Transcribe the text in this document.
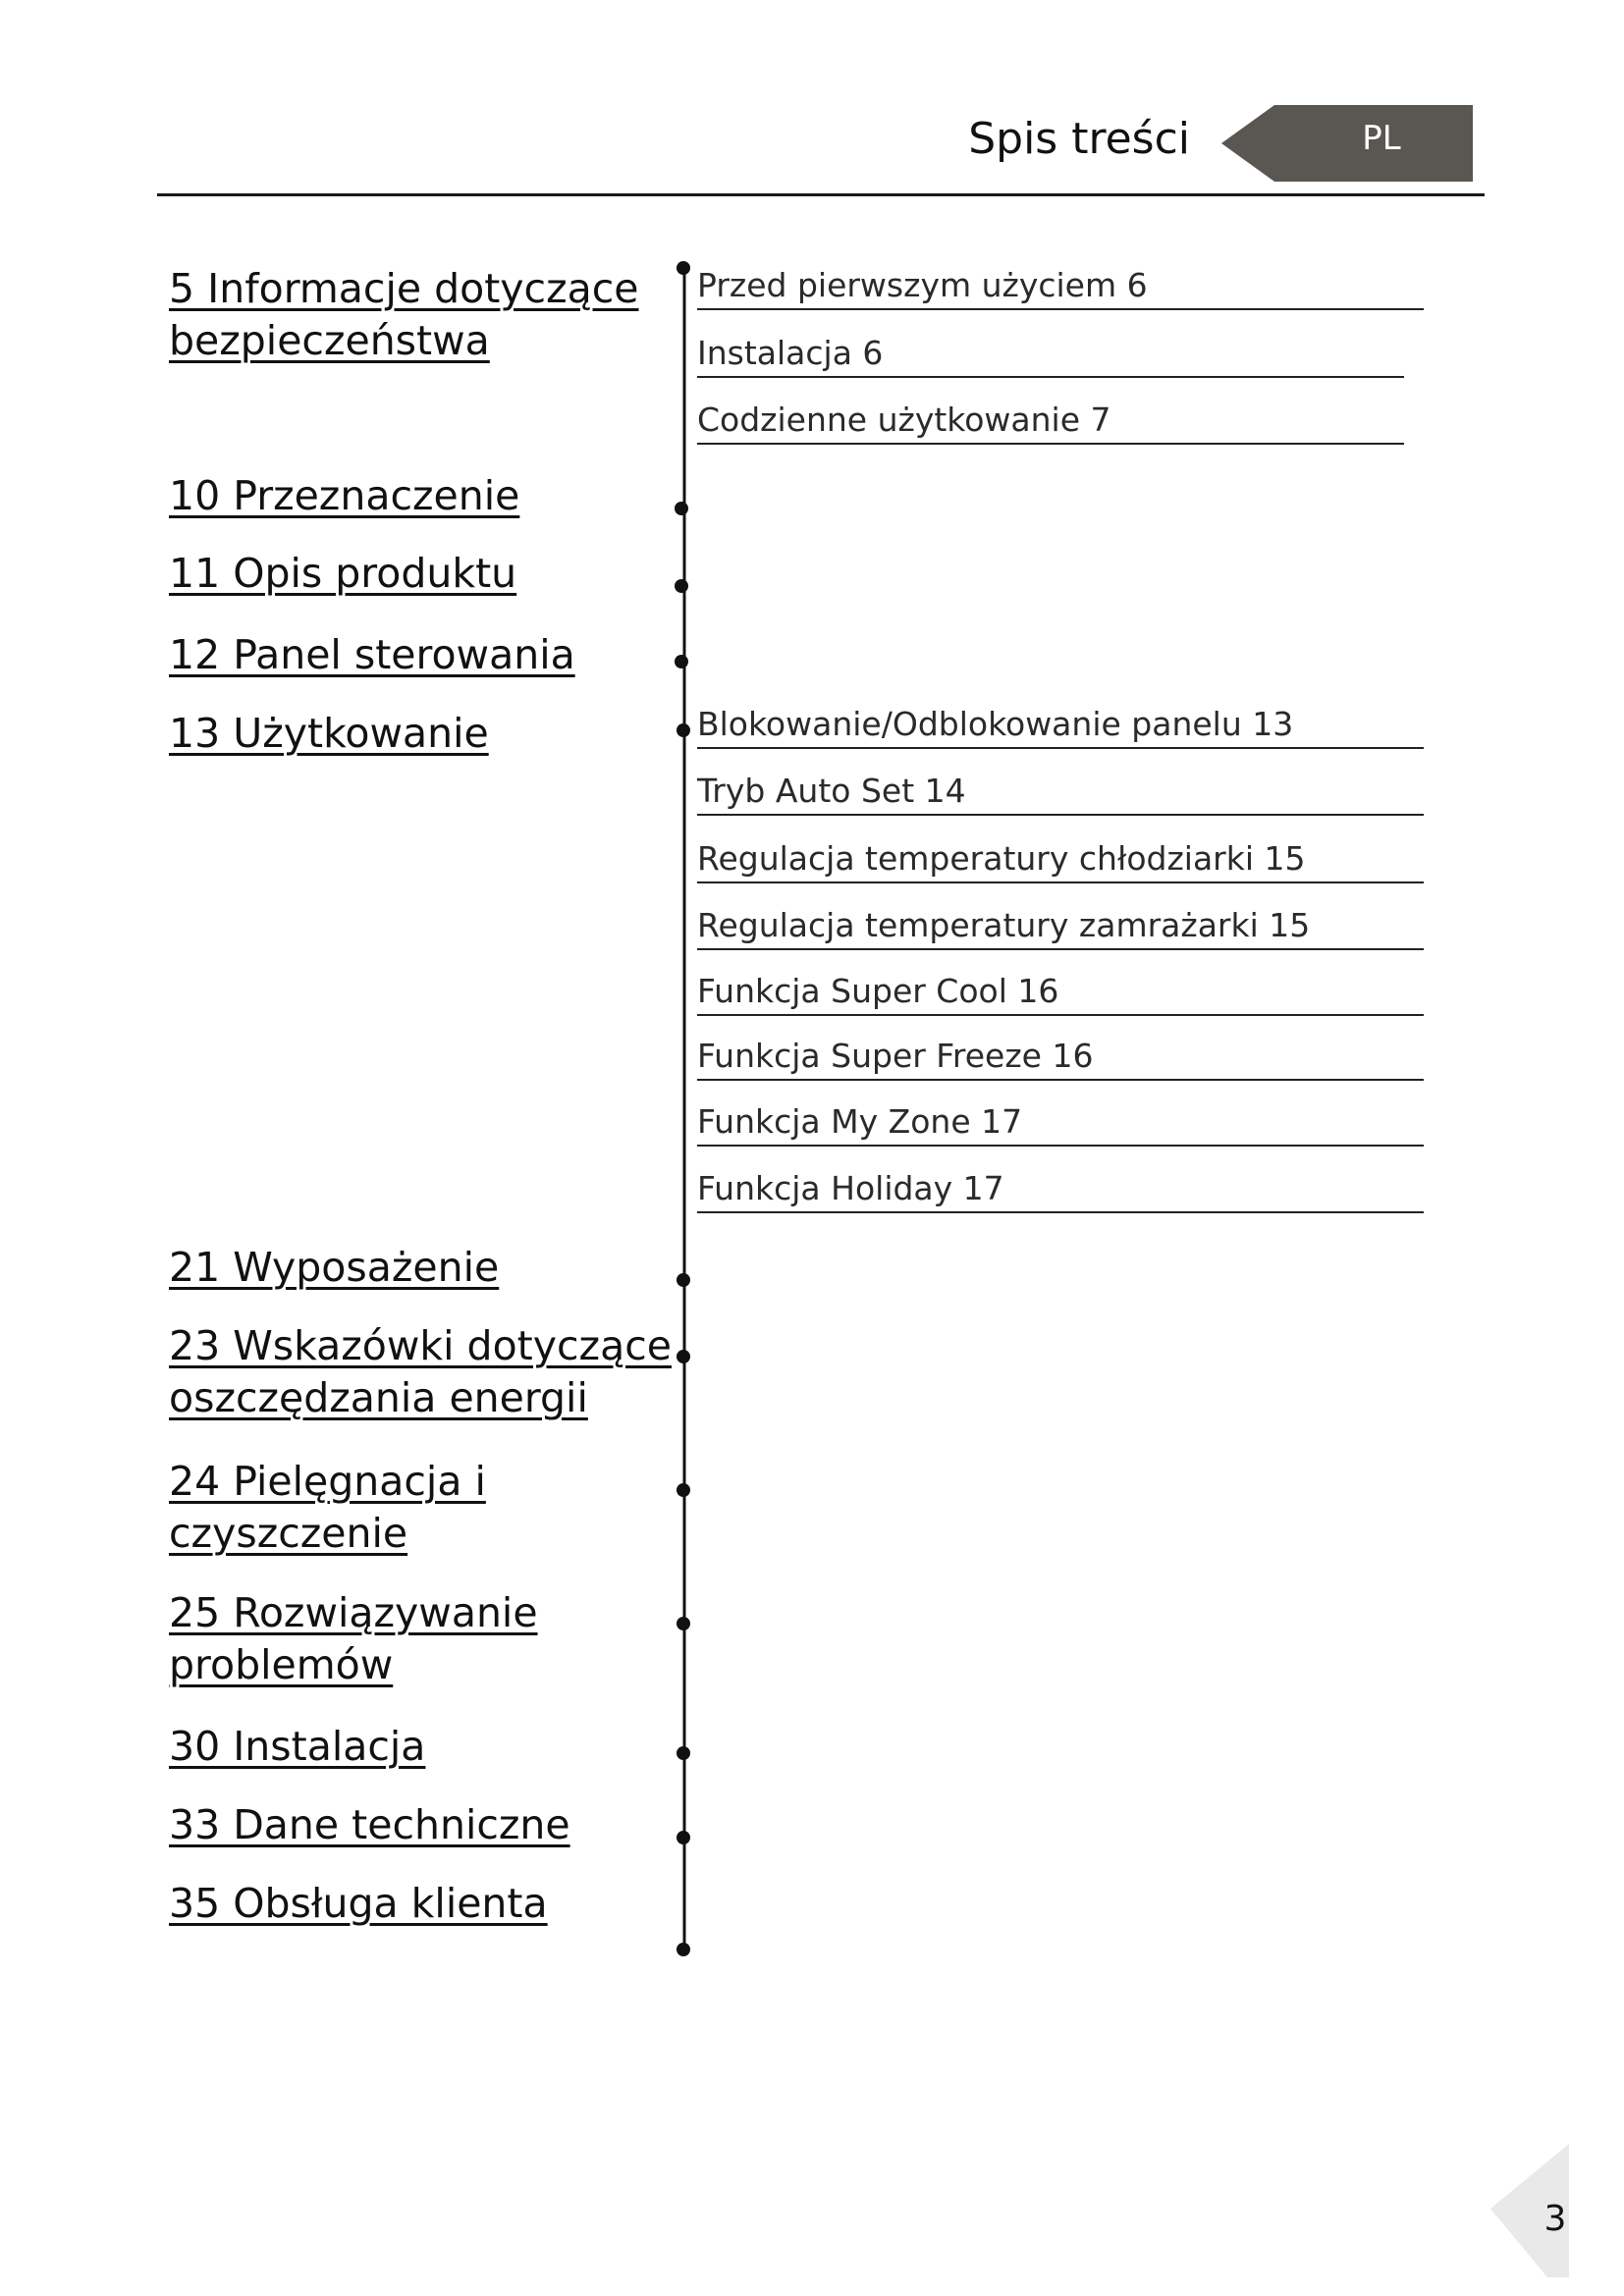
Spis treści	PL
5 Informacje dotyczące bezpieczeństwa
10 Przeznaczenie
11 Opis produktu
12 Panel sterowania
13 Użytkowanie
21 Wyposażenie
23 Wskazówki dotyczące oszczędzania energii
24 Pielęgnacja i czyszczenie
25 Rozwiązywanie problemów
30 Instalacja
33 Dane techniczne
35 Obsługa klienta
Przed pierwszym użyciem 6
Instalacja 6
Codzienne użytkowanie 7
Blokowanie/Odblokowanie panelu 13
Tryb Auto Set 14
Regulacja temperatury chłodziarki 15
Regulacja temperatury zamrażarki 15
Funkcja Super Cool 16
Funkcja Super Freeze 16
Funkcja My Zone 17
Funkcja Holiday 17
3
